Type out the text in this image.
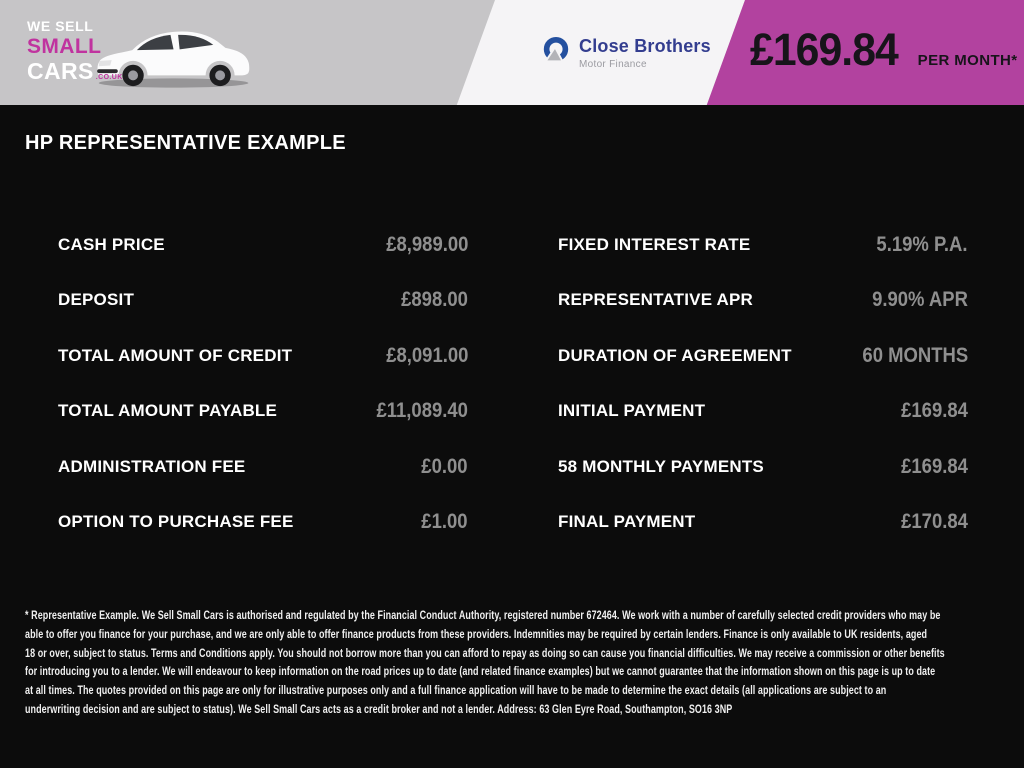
WE SELL
SMALL
CARS .CO.UK
Close Brothers
Motor Finance	£169.84 PER MONTH*
HP REPRESENTATIVE EXAMPLE
CASH PRICE	£8,989.00
DEPOSIT	£898.00
TOTAL AMOUNT OF CREDIT	£8,091.00
TOTAL AMOUNT PAYABLE	£11,089.40
ADMINISTRATION FEE	£0.00
OPTION TO PURCHASE FEE	£1.00
FIXED INTEREST RATE	5.19% P.A.
REPRESENTATIVE APR	9.90% APR
DURATION OF AGREEMENT	60 MONTHS
INITIAL PAYMENT	£169.84
58 MONTHLY PAYMENTS	£169.84
FINAL PAYMENT	£170.84
* Representative Example. We Sell Small Cars is authorised and regulated by the Financial Conduct Authority, registered number 672464. We work with a number of carefully selected credit providers who may be
able to offer you finance for your purchase, and we are only able to offer finance products from these providers. Indemnities may be required by certain lenders. Finance is only available to UK residents, aged
18 or over, subject to status. Terms and Conditions apply. You should not borrow more than you can afford to repay as doing so can cause you financial difficulties. We may receive a commission or other benefits
for introducing you to a lender. We will endeavour to keep information on the road prices up to date (and related finance examples) but we cannot guarantee that the information shown on this page is up to date
at all times. The quotes provided on this page are only for illustrative purposes only and a full finance application will have to be made to determine the exact details (all applications are subject to an
underwriting decision and are subject to status). We Sell Small Cars acts as a credit broker and not a lender. Address: 63 Glen Eyre Road, Southampton, SO16 3NP
